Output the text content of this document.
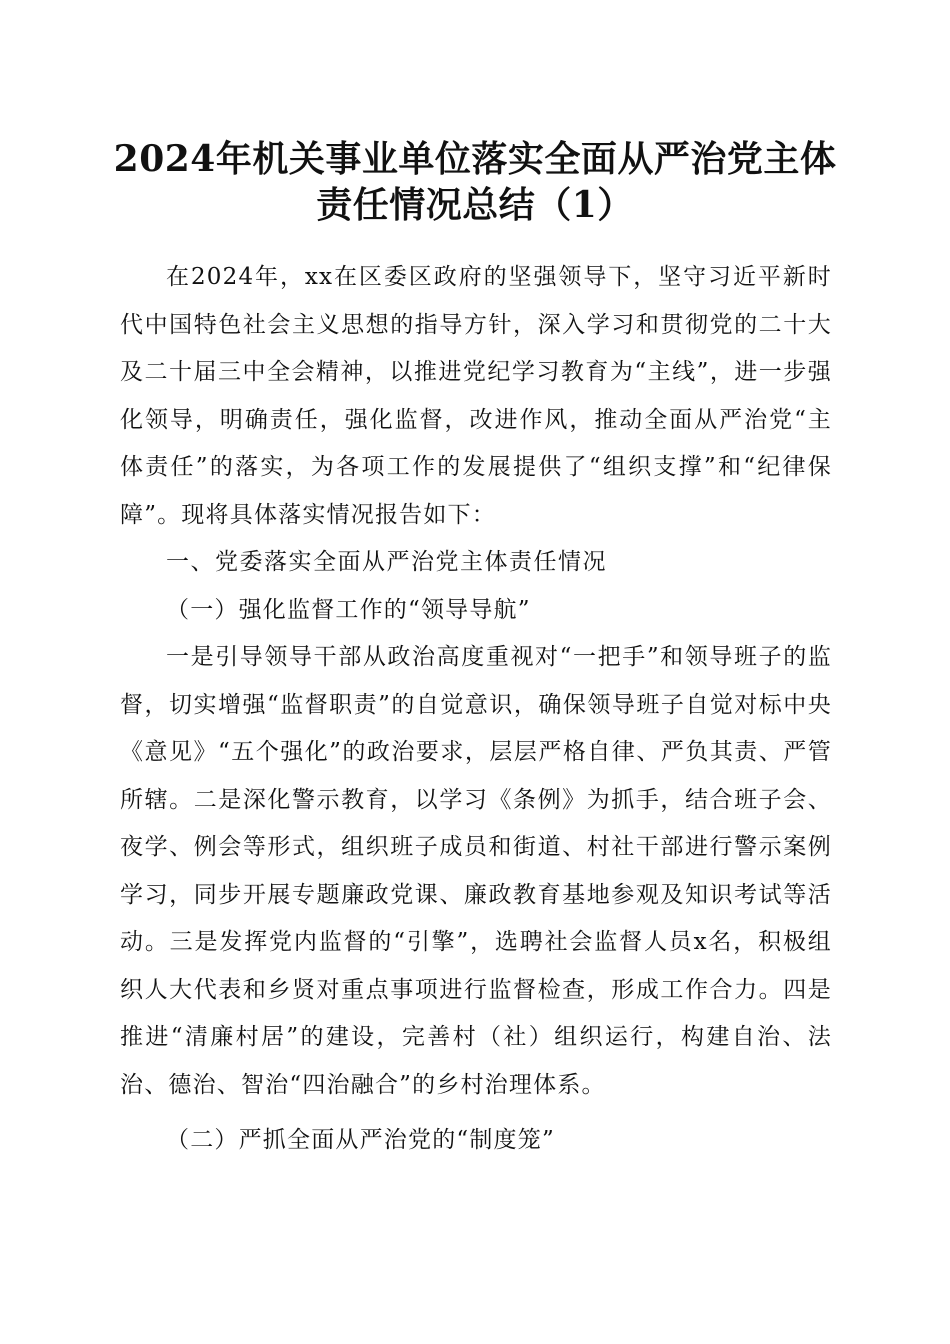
2024年机关事业单位落实全面从严治党主体
责任情况总结（1）

在2024年，xx在区委区政府的坚强领导下，坚守习近平新时代中国特色社会主义思想的指导方针，深入学习和贯彻党的二十大及二十届三中全会精神，以推进党纪学习教育为“主线”，进一步强化领导，明确责任，强化监督，改进作风，推动全面从严治党“主体责任”的落实，为各项工作的发展提供了“组织支撑”和“纪律保障”。现将具体落实情况报告如下：

一、党委落实全面从严治党主体责任情况

（一）强化监督工作的“领导导航”

一是引导领导干部从政治高度重视对“一把手”和领导班子的监督，切实增强“监督职责”的自觉意识，确保领导班子自觉对标中央《意见》“五个强化”的政治要求，层层严格自律、严负其责、严管所辖。二是深化警示教育，以学习《条例》为抓手，结合班子会、夜学、例会等形式，组织班子成员和街道、村社干部进行警示案例学习，同步开展专题廉政党课、廉政教育基地参观及知识考试等活动。三是发挥党内监督的“引擎”，选聘社会监督人员x名，积极组织人大代表和乡贤对重点事项进行监督检查，形成工作合力。四是推进“清廉村居”的建设，完善村（社）组织运行，构建自治、法治、德治、智治“四治融合”的乡村治理体系。

（二）严抓全面从严治党的“制度笼”
